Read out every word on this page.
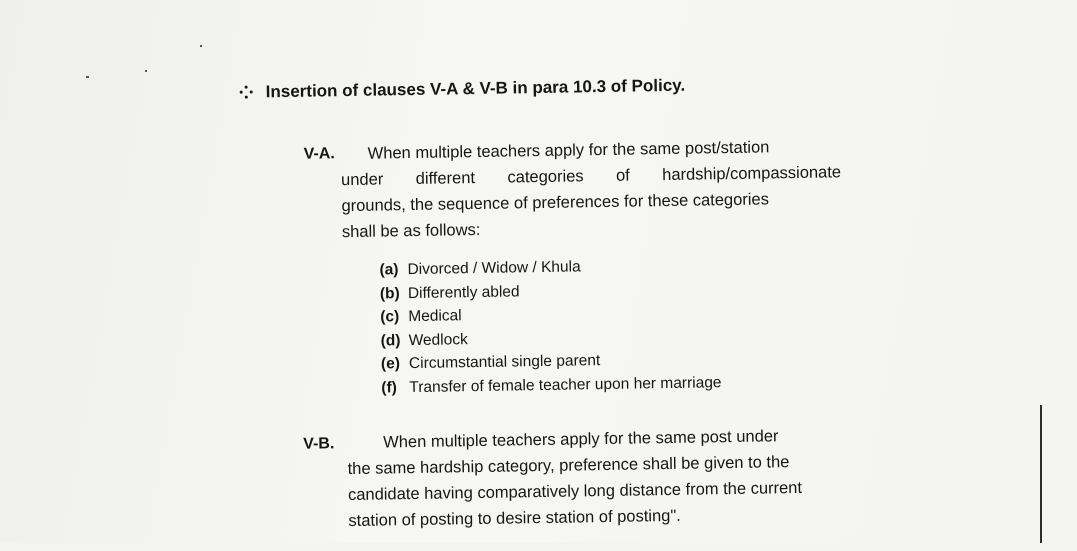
Insertion of clauses V-A & V-B in para 10.3 of Policy.
V-A.	When multiple teachers apply for the same post/station
under different categories of hardship/compassionate
grounds, the sequence of preferences for these categories
shall be as follows:
(a) Divorced / Widow / Khula
(b) Differently abled
(c) Medical
(d) Wedlock
(e) Circumstantial single parent
(f) Transfer of female teacher upon her marriage
V-B.	When multiple teachers apply for the same post under
the same hardship category, preference shall be given to the
candidate having comparatively long distance from the current
station of posting to desire station of posting".
